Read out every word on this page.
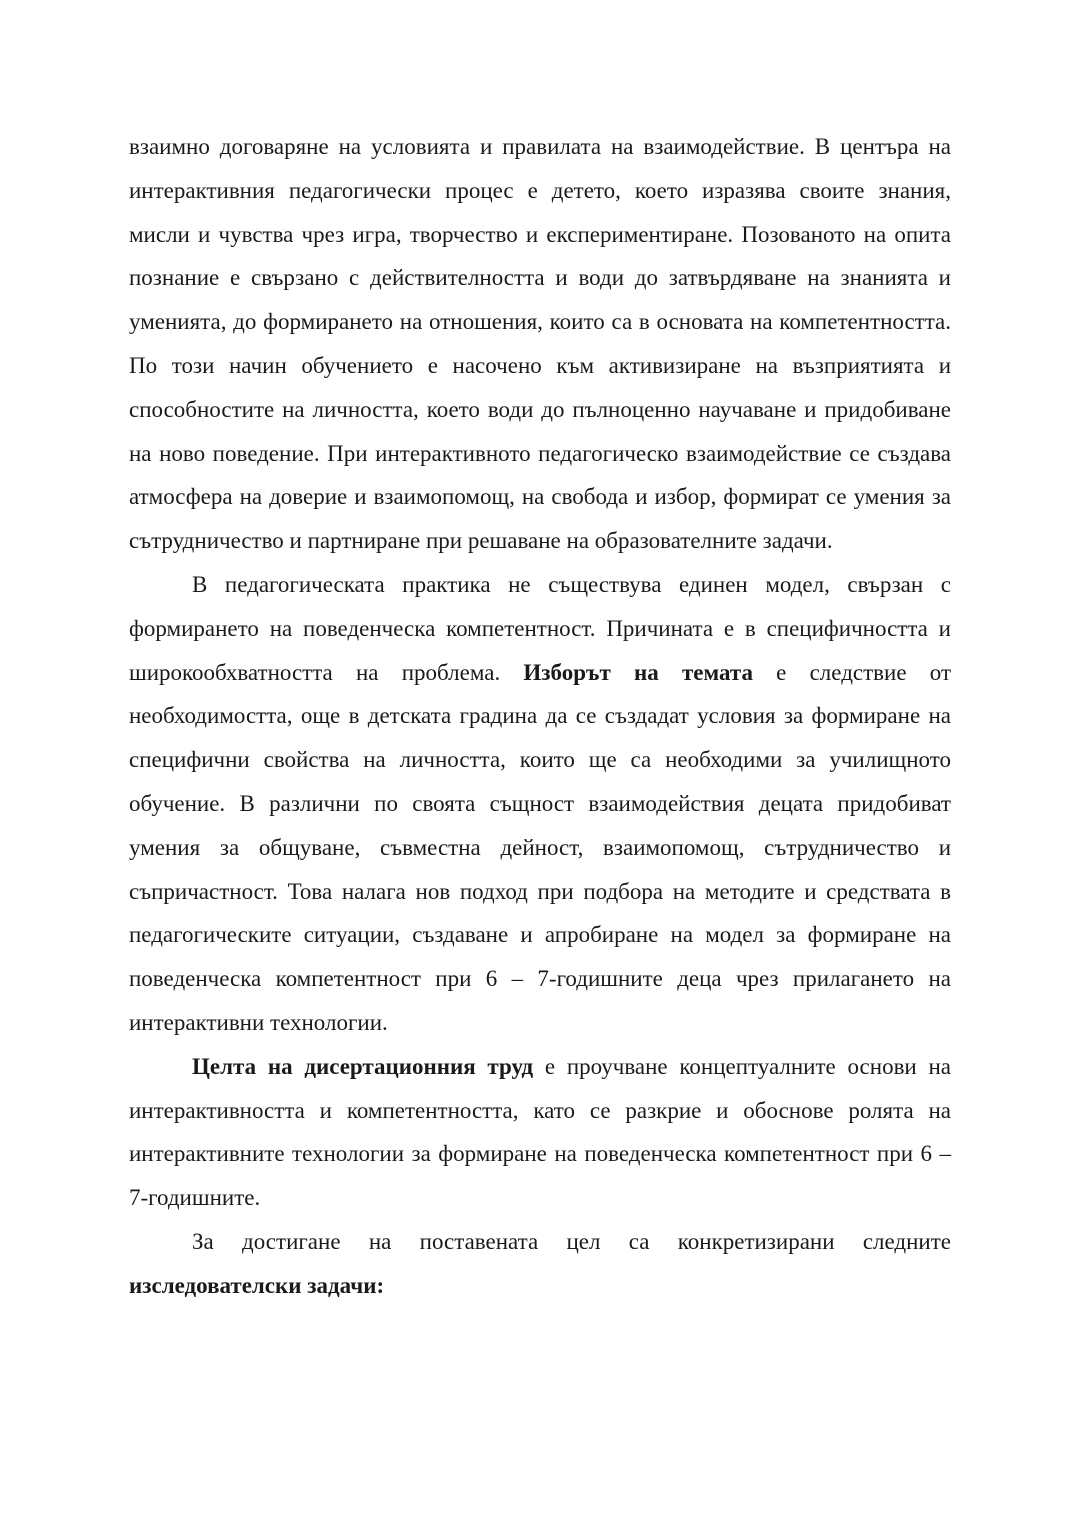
взаимно договаряне на условията и правилата на взаимодействие. В центъра на интерактивния педагогически процес е детето, което изразява своите знания, мисли и чувства чрез игра, творчество и експериментиране. Позованото на опита познание е свързано с действителността и води до затвърдяване на знанията и уменията, до формирането на отношения, които са в основата на компетентността. По този начин обучението е насочено към активизиране на възприятията и способностите на личността, което води до пълноценно научаване и придобиване на ново поведение. При интерактивното педагогическо взаимодействие се създава атмосфера на доверие и взаимопомощ, на свобода и избор, формират се умения за сътрудничество и партниране при решаване на образователните задачи.

В педагогическата практика не съществува единен модел, свързан с формирането на поведенческа компетентност. Причината е в специфичността и широкообхватността на проблема. Изборът на темата е следствие от необходимостта, още в детската градина да се създадат условия за формиране на специфични свойства на личността, които ще са необходими за училищното обучение. В различни по своята същност взаимодействия децата придобиват умения за общуване, съвместна дейност, взаимопомощ, сътрудничество и съпричастност. Това налага нов подход при подбора на методите и средствата в педагогическите ситуации, създаване и апробиране на модел за формиране на поведенческа компетентност при 6 – 7-годишните деца чрез прилагането на интерактивни технологии.

Целта на дисертационния труд е проучване концептуалните основи на интерактивността и компетентността, като се разкрие и обоснове ролята на интерактивните технологии за формиране на поведенческа компетентност при 6 – 7-годишните.

За достигане на поставената цел са конкретизирани следните изследователски задачи:
